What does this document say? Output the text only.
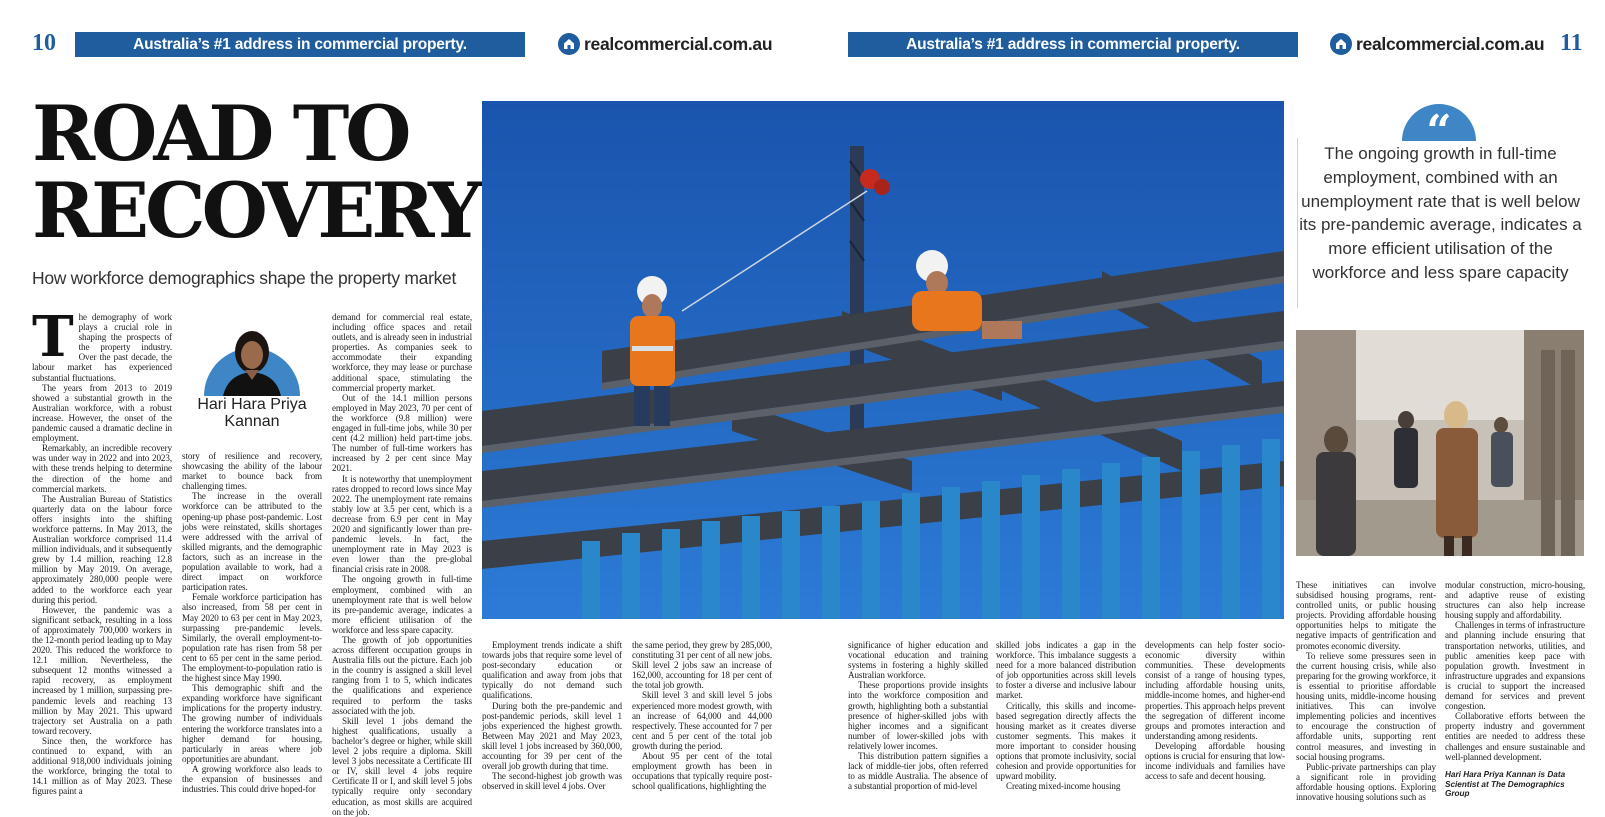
10	Australia’s #1 address in commercial property.	realcommercial.com.au	Australia’s #1 address in commercial property.	realcommercial.com.au 11
ROAD TO
RECOVERY
How workforce demographics shape the property market
Hari Hara Priya Kannan
T he demography of work plays a crucial role in shaping the prospects of the property industry. Over the past decade, the labour market has experienced substantial fluctuations.

The years from 2013 to 2019 showed a substantial growth in the Australian workforce, with a robust increase. However, the onset of the pandemic caused a dramatic decline in employment.

Remarkably, an incredible recovery was under way in 2022 and into 2023, with these trends helping to determine the direction of the home and commercial markets.

The Australian Bureau of Statistics quarterly data on the labour force offers insights into the shifting workforce patterns. In May 2013, the Australian workforce comprised 11.4 million individuals, and it subsequently grew by 1.4 million, reaching 12.8 million by May 2019. On average, approximately 280,000 people were added to the workforce each year during this period.

However, the pandemic was a significant setback, resulting in a loss of approximately 700,000 workers in the 12-month period leading up to May 2020. This reduced the workforce to 12.1 million. Nevertheless, the subsequent 12 months witnessed a rapid recovery, as employment increased by 1 million, surpassing pre-pandemic levels and reaching 13 million by May 2021. This upward trajectory set Australia on a path toward recovery.

Since then, the workforce has continued to expand, with an additional 918,000 individuals joining the workforce, bringing the total to 14.1 million as of May 2023. These figures paint a

story of resilience and recovery, showcasing the ability of the labour market to bounce back from challenging times.

The increase in the overall workforce can be attributed to the opening-up phase post-pandemic. Lost jobs were reinstated, skills shortages were addressed with the arrival of skilled migrants, and the demographic factors, such as an increase in the population available to work, had a direct impact on workforce participation rates.

Female workforce participation has also increased, from 58 per cent in May 2020 to 63 per cent in May 2023, surpassing pre-pandemic levels. Similarly, the overall employment-to-population rate has risen from 58 per cent to 65 per cent in the same period. The employment-to-population ratio is the highest since May 1990.

This demographic shift and the expanding workforce have significant implications for the property industry. The growing number of individuals entering the workforce translates into a higher demand for housing, particularly in areas where job opportunities are abundant.

A growing workforce also leads to the expansion of businesses and industries. This could drive hoped-for

demand for commercial real estate, including office spaces and retail outlets, and is already seen in industrial properties. As companies seek to accommodate their expanding workforce, they may lease or purchase additional space, stimulating the commercial property market.

Out of the 14.1 million persons employed in May 2023, 70 per cent of the workforce (9.8 million) were engaged in full-time jobs, while 30 per cent (4.2 million) held part-time jobs. The number of full-time workers has increased by 2 per cent since May 2021.

It is noteworthy that unemployment rates dropped to record lows since May 2022. The unemployment rate remains stably low at 3.5 per cent, which is a decrease from 6.9 per cent in May 2020 and significantly lower than pre-pandemic levels. In fact, the unemployment rate in May 2023 is even lower than the pre-global financial crisis rate in 2008.

The ongoing growth in full-time employment, combined with an unemployment rate that is well below its pre-pandemic average, indicates a more efficient utilisation of the workforce and less spare capacity.

The growth of job opportunities across different occupation groups in Australia fills out the picture. Each job in the country is assigned a skill level ranging from 1 to 5, which indicates the qualifications and experience required to perform the tasks associated with the job.

Skill level 1 jobs demand the highest qualifications, usually a bachelor’s degree or higher, while skill level 2 jobs require a diploma. Skill level 3 jobs necessitate a Certificate III or IV, skill level 4 jobs require Certificate II or I, and skill level 5 jobs typically require only secondary education, as most skills are acquired on the job.

Employment trends indicate a shift towards jobs that require some level of post-secondary education or qualification and away from jobs that typically do not demand such qualifications.

During both the pre-pandemic and post-pandemic periods, skill level 1 jobs experienced the highest growth. Between May 2021 and May 2023, skill level 1 jobs increased by 360,000, accounting for 39 per cent of the overall job growth during that time.

The second-highest job growth was observed in skill level 4 jobs. Over

the same period, they grew by 285,000, constituting 31 per cent of all new jobs. Skill level 2 jobs saw an increase of 162,000, accounting for 18 per cent of the total job growth.

Skill level 3 and skill level 5 jobs experienced more modest growth, with an increase of 64,000 and 44,000 respectively. These accounted for 7 per cent and 5 per cent of the total job growth during the period.

About 95 per cent of the total employment growth has been in occupations that typically require post-school qualifications, highlighting the

significance of higher education and vocational education and training systems in fostering a highly skilled Australian workforce.

These proportions provide insights into the workforce composition and growth, highlighting both a substantial presence of higher-skilled jobs with higher incomes and a significant number of lower-skilled jobs with relatively lower incomes.

This distribution pattern signifies a lack of middle-tier jobs, often referred to as middle Australia. The absence of a substantial proportion of mid-level

skilled jobs indicates a gap in the workforce. This imbalance suggests a need for a more balanced distribution of job opportunities across skill levels to foster a diverse and inclusive labour market.

Critically, this skills and income-based segregation directly affects the housing market as it creates diverse customer segments. This makes it more important to consider housing options that promote inclusivity, social cohesion and provide opportunities for upward mobility.

Creating mixed-income housing

developments can help foster socio-economic diversity within communities. These developments consist of a range of housing types, including affordable housing units, middle-income homes, and higher-end properties. This approach helps prevent the segregation of different income groups and promotes interaction and understanding among residents.

Developing affordable housing options is crucial for ensuring that low-income individuals and families have access to safe and decent housing.

These initiatives can involve subsidised housing programs, rent-controlled units, or public housing projects. Providing affordable housing opportunities helps to mitigate the negative impacts of gentrification and promotes economic diversity.

To relieve some pressures seen in the current housing crisis, while also preparing for the growing workforce, it is essential to prioritise affordable housing units, middle-income housing initiatives. This can involve implementing policies and incentives to encourage the construction of affordable units, supporting rent control measures, and investing in social housing programs.

Public-private partnerships can play a significant role in providing affordable housing options. Exploring innovative housing solutions such as

modular construction, micro-housing, and adaptive reuse of existing structures can also help increase housing supply and affordability.

Challenges in terms of infrastructure and planning include ensuring that transportation networks, utilities, and public amenities keep pace with population growth. Investment in infrastructure upgrades and expansions is crucial to support the increased demand for services and prevent congestion.

Collaborative efforts between the property industry and government entities are needed to address these challenges and ensure sustainable and well-planned development.

Hari Hara Priya Kannan is Data
Scientist at The Demographics Group
“
The ongoing growth in full-time employment, combined with an unemployment rate that is well below its pre-pandemic average, indicates a more efficient utilisation of the workforce and less spare capacity
